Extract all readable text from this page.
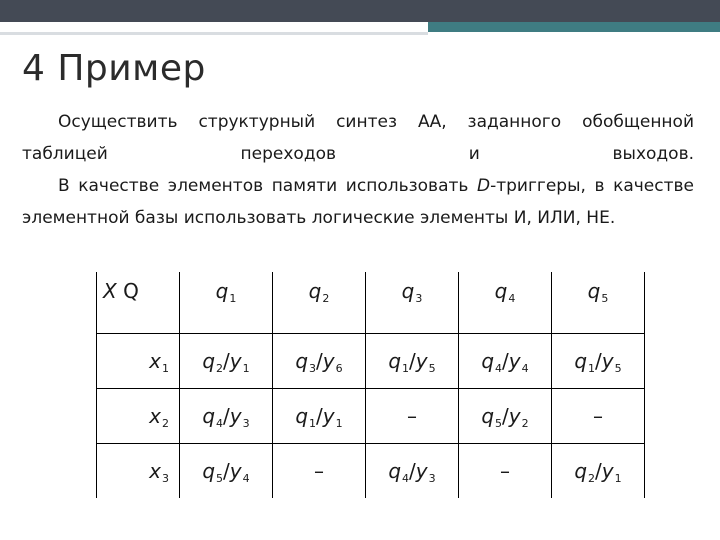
4 Пример

Осуществить структурный синтез АА, заданного обобщенной таблицей переходов и выходов.

В качестве элементов памяти использовать D-триггеры, в качестве элементной базы использовать логические элементы И, ИЛИ, НЕ.

X Q	$q_1$	$q_2$	$q_3$	$q_4$	$q_5$
$x_1$	$q_2/y_1$	$q_3/y_6$	$q_1/y_5$	$q_4/y_4$	$q_1/y_5$
$x_2$	$q_4/y_3$	$q_1/y_1$	–	$q_5/y_2$	–
$x_3$	$q_5/y_4$	–	$q_4/y_3$	–	$q_2/y_1$
